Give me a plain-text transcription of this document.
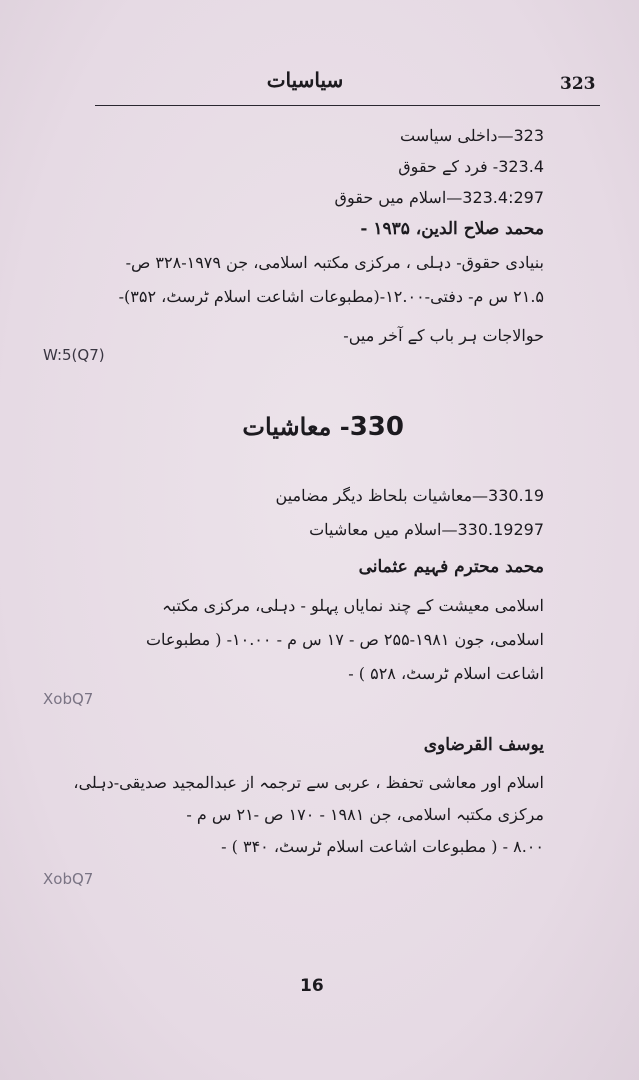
323
سیاسیات
323—داخلی سیاست
323.4- فرد کے حقوق
323.4:297—اسلام میں حقوق
محمد صلاح الدین، ۱۹۳۵ -
بنیادی حقوق- دہلی ، مرکزی مکتبہ اسلامی، جن ۱۹۷۹-۳۲۸ ص-
۲۱.۵ س م- دفتی-۱۲.۰۰-(مطبوعات اشاعت اسلام ٹرسٹ، ۳۵۲)-
حوالاجات ہر باب کے آخر میں-
W:5(Q7)
330- معاشیات
330.19—معاشیات بلحاظ دیگر مضامین
330.19297—اسلام میں معاشیات
محمد محترم فہیم عثمانی
اسلامی معیشت کے چند نمایاں پہلو - دہلی، مرکزی مکتبہ
اسلامی، جون ۱۹۸۱-۲۵۵ ص - ۱۷ س م - ۱۰.۰۰- ( مطبوعات
اشاعت اسلام ٹرسٹ، ۵۲۸ ) -
XobQ7
یوسف القرضاوی
اسلام اور معاشی تحفظ ، عربی سے ترجمہ از عبدالمجید صدیقی-دہلی،
مرکزی مکتبہ اسلامی، جن ۱۹۸۱ - ۱۷۰ ص -۲۱ س م -
۸.۰۰ - ( مطبوعات اشاعت اسلام ٹرسٹ، ۳۴۰ ) -
XobQ7
16
